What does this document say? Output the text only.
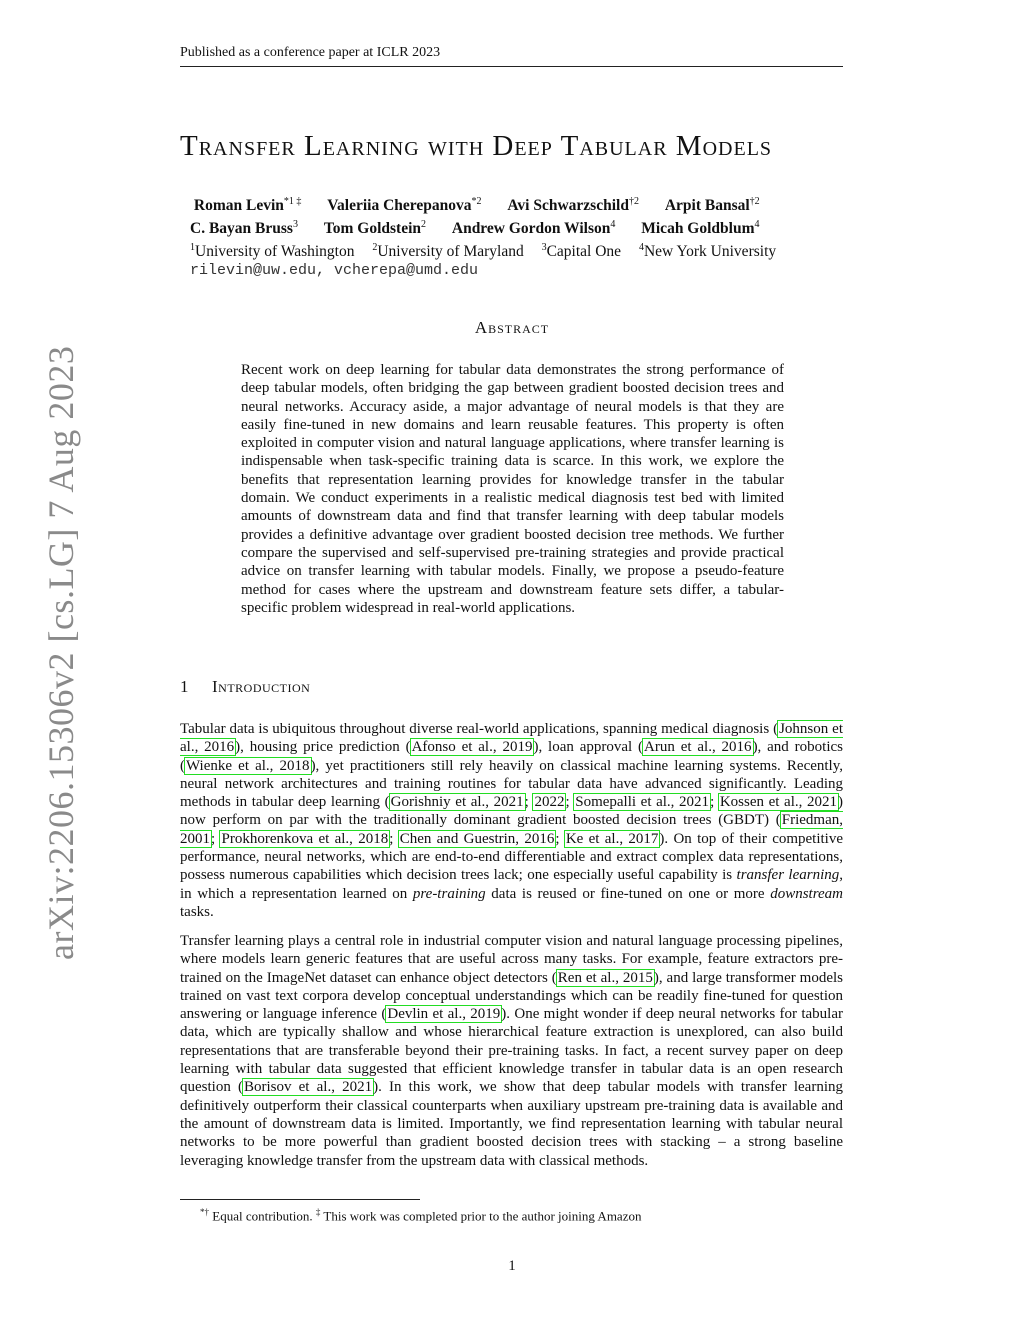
Published as a conference paper at ICLR 2023
arXiv:2206.15306v2 [cs.LG] 7 Aug 2023
Transfer Learning with Deep Tabular Models
Roman Levin$^{*1 \ddagger}$ Valeriia Cherepanova$^{*2}$ Avi Schwarzschild$^{\dagger 2}$ Arpit Bansal$^{\dagger 2}$
C. Bayan Bruss$^3$ Tom Goldstein$^2$ Andrew Gordon Wilson$^4$ Micah Goldblum$^4$
$^1$University of Washington $^2$University of Maryland $^3$Capital One $^4$New York University
rilevin@uw.edu, vcherepa@umd.edu
Abstract
Recent work on deep learning for tabular data demonstrates the strong performance of deep tabular models, often bridging the gap between gradient boosted decision trees and neural networks. Accuracy aside, a major advantage of neural models is that they are easily fine-tuned in new domains and learn reusable features. This property is often exploited in computer vision and natural language applications, where transfer learning is indispensable when task-specific training data is scarce. In this work, we explore the benefits that representation learning provides for knowledge transfer in the tabular domain. We conduct experiments in a realistic medical diagnosis test bed with limited amounts of downstream data and find that transfer learning with deep tabular models provides a definitive advantage over gradient boosted decision tree methods. We further compare the supervised and self-supervised pre-training strategies and provide practical advice on transfer learning with tabular models. Finally, we propose a pseudo-feature method for cases where the upstream and downstream feature sets differ, a tabular-specific problem widespread in real-world applications.
1 Introduction
Tabular data is ubiquitous throughout diverse real-world applications, spanning medical diagnosis (Johnson et al., 2016), housing price prediction (Afonso et al., 2019), loan approval (Arun et al., 2016), and robotics (Wienke et al., 2018), yet practitioners still rely heavily on classical machine learning systems. Recently, neural network architectures and training routines for tabular data have advanced significantly. Leading methods in tabular deep learning (Gorishniy et al., 2021; 2022; Somepalli et al., 2021; Kossen et al., 2021) now perform on par with the traditionally dominant gradient boosted decision trees (GBDT) (Friedman, 2001; Prokhorenkova et al., 2018; Chen and Guestrin, 2016; Ke et al., 2017). On top of their competitive performance, neural networks, which are end-to-end differentiable and extract complex data representations, possess numerous capabilities which decision trees lack; one especially useful capability is transfer learning, in which a representation learned on pre-training data is reused or fine-tuned on one or more downstream tasks.
Transfer learning plays a central role in industrial computer vision and natural language processing pipelines, where models learn generic features that are useful across many tasks. For example, feature extractors pre-trained on the ImageNet dataset can enhance object detectors (Ren et al., 2015), and large transformer models trained on vast text corpora develop conceptual understandings which can be readily fine-tuned for question answering or language inference (Devlin et al., 2019). One might wonder if deep neural networks for tabular data, which are typically shallow and whose hierarchical feature extraction is unexplored, can also build representations that are transferable beyond their pre-training tasks. In fact, a recent survey paper on deep learning with tabular data suggested that efficient knowledge transfer in tabular data is an open research question (Borisov et al., 2021). In this work, we show that deep tabular models with transfer learning definitively outperform their classical counterparts when auxiliary upstream pre-training data is available and the amount of downstream data is limited. Importantly, we find representation learning with tabular neural networks to be more powerful than gradient boosted decision trees with stacking – a strong baseline leveraging knowledge transfer from the upstream data with classical methods.
*† Equal contribution. ‡ This work was completed prior to the author joining Amazon
1
